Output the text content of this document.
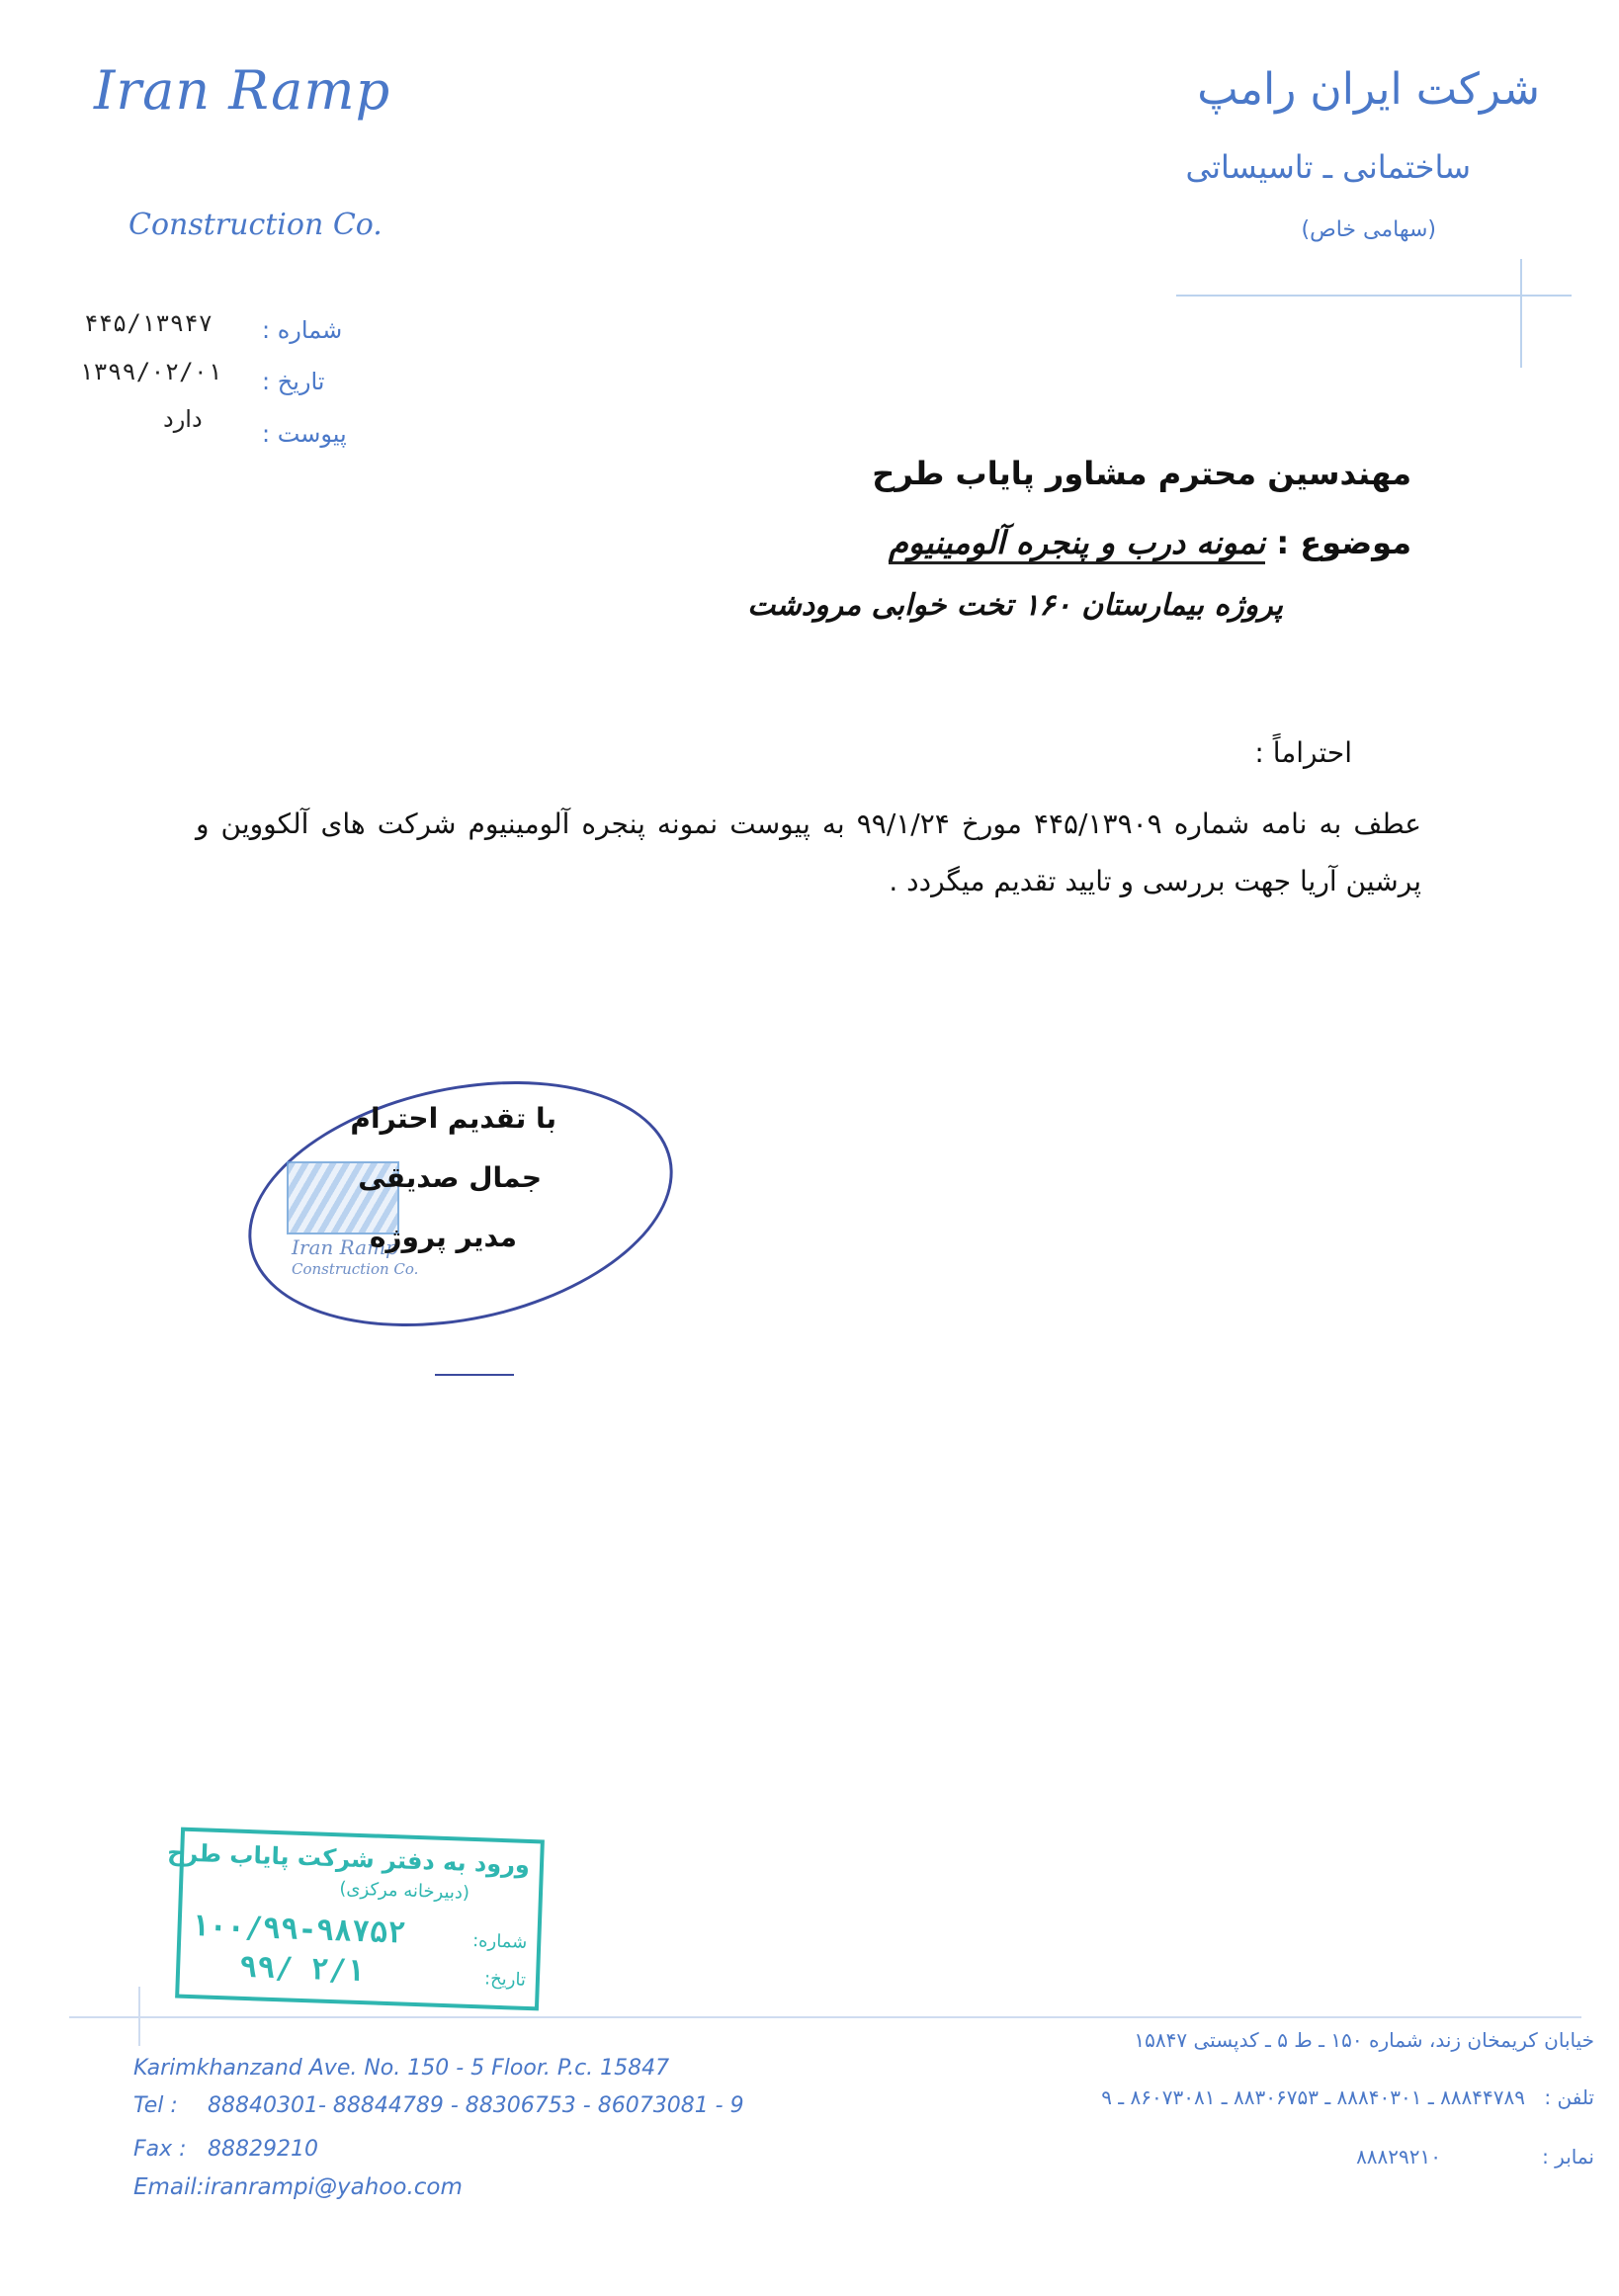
Iran Ramp
Construction Co.
شرکت ایران رامپ
ساختمانی ـ تاسیساتی
(سهامی خاص)
شماره :
۴۴۵/۱۳۹۴۷
تاریخ :
۱۳۹۹/۰۲/۰۱
پیوست :
دارد
مهندسین محترم مشاور پایاب طرح
موضوع : نمونه درب و پنجره آلومینیوم
پروژه بیمارستان ۱۶۰ تخت خوابی مرودشت
احتراماً :
عطف به نامه شماره ۴۴۵/۱۳۹۰۹ مورخ ۹۹/۱/۲۴ به پیوست نمونه پنجره آلومینیوم شرکت های آلکووین و پرشین آریا جهت بررسی و تایید تقدیم میگردد .
Iran Ramp
Construction Co.
با تقدیم احترام
جمال صدیقی
مدیر پروژه
ورود به دفتر شرکت پایاب طرح
(دبیرخانه مرکزی)
شماره:
۱۰۰/۹۹-۹۸۷۵۲
تاریخ:
۹۹/ ۲/۱
Karimkhanzand Ave. No. 150 - 5 Floor. P.c. 15847
Tel : 88840301- 88844789 - 88306753 - 86073081 - 9
Fax : 88829210
Email:iranrampi@yahoo.com
خیابان کریمخان زند، شماره ۱۵۰ ـ ط ۵ ـ کدپستی ۱۵۸۴۷
تلفن :
۸۸۸۴۴۷۸۹ ـ ۸۸۸۴۰۳۰۱ ـ ۸۸۳۰۶۷۵۳ ـ ۸۶۰۷۳۰۸۱ ـ ۹
نمابر :
۸۸۸۲۹۲۱۰
